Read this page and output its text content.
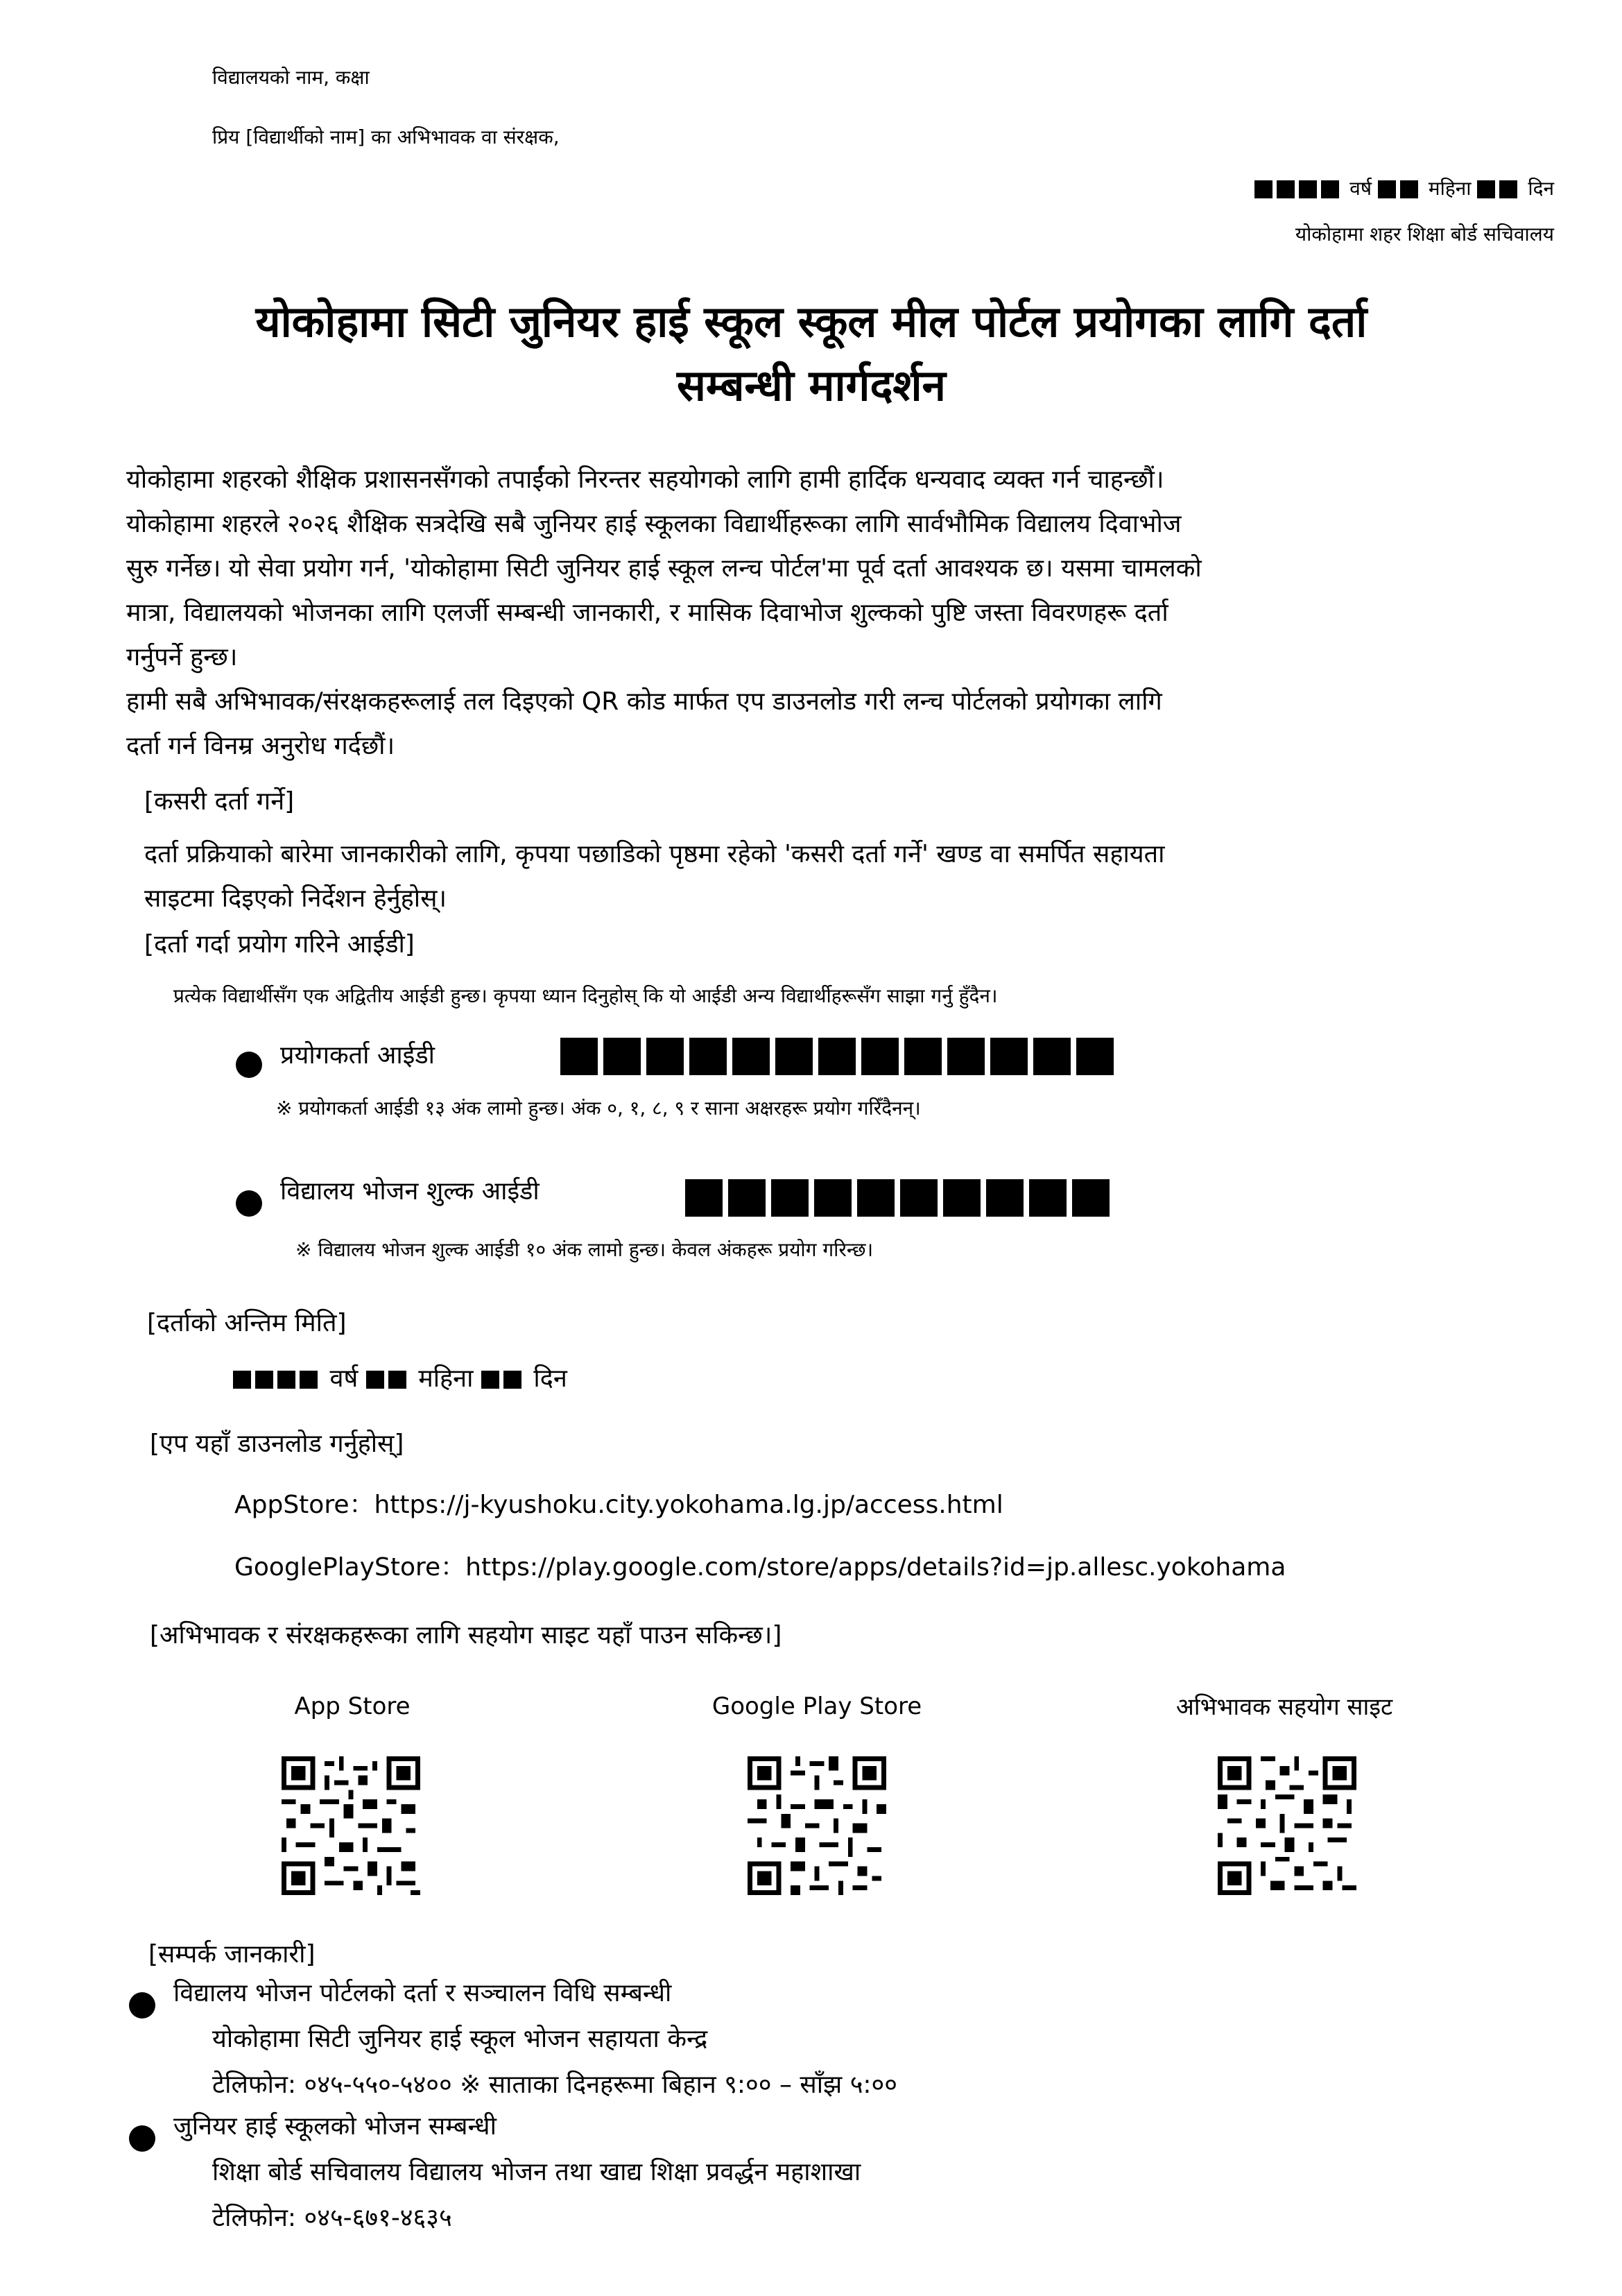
विद्यालयको नाम, कक्षा
प्रिय [विद्यार्थीको नाम] का अभिभावक वा संरक्षक,
वर्ष	महिना	दिन
योकोहामा शहर शिक्षा बोर्ड सचिवालय
योकोहामा सिटी जुनियर हाई स्कूल स्कूल मील पोर्टल प्रयोगका लागि दर्ता
सम्बन्धी मार्गदर्शन
योकोहामा शहरको शैक्षिक प्रशासनसँगको तपाईंको निरन्तर सहयोगको लागि हामी हार्दिक धन्यवाद व्यक्त गर्न चाहन्छौं।
योकोहामा शहरले २०२६ शैक्षिक सत्रदेखि सबै जुनियर हाई स्कूलका विद्यार्थीहरूका लागि सार्वभौमिक विद्यालय दिवाभोज
सुरु गर्नेछ। यो सेवा प्रयोग गर्न, 'योकोहामा सिटी जुनियर हाई स्कूल लन्च पोर्टल'मा पूर्व दर्ता आवश्यक छ। यसमा चामलको
मात्रा, विद्यालयको भोजनका लागि एलर्जी सम्बन्धी जानकारी, र मासिक दिवाभोज शुल्कको पुष्टि जस्ता विवरणहरू दर्ता
गर्नुपर्ने हुन्छ।
हामी सबै अभिभावक/संरक्षकहरूलाई तल दिइएको QR कोड मार्फत एप डाउनलोड गरी लन्च पोर्टलको प्रयोगका लागि
दर्ता गर्न विनम्र अनुरोध गर्दछौं।
[कसरी दर्ता गर्ने]
दर्ता प्रक्रियाको बारेमा जानकारीको लागि, कृपया पछाडिको पृष्ठमा रहेको 'कसरी दर्ता गर्ने' खण्ड वा समर्पित सहायता
साइटमा दिइएको निर्देशन हेर्नुहोस्।
[दर्ता गर्दा प्रयोग गरिने आईडी]
प्रत्येक विद्यार्थीसँग एक अद्वितीय आईडी हुन्छ। कृपया ध्यान दिनुहोस् कि यो आईडी अन्य विद्यार्थीहरूसँग साझा गर्नु हुँदैन।
प्रयोगकर्ता आईडी
※ प्रयोगकर्ता आईडी १३ अंक लामो हुन्छ। अंक ०, १, ८, ९ र साना अक्षरहरू प्रयोग गरिँदैनन्।
विद्यालय भोजन शुल्क आईडी
※ विद्यालय भोजन शुल्क आईडी १० अंक लामो हुन्छ। केवल अंकहरू प्रयोग गरिन्छ।
[दर्ताको अन्तिम मिति]
वर्ष महिना दिन
[एप यहाँ डाउनलोड गर्नुहोस्]
AppStore：https://j-kyushoku.city.yokohama.lg.jp/access.html
GooglePlayStore：https://play.google.com/store/apps/details?id=jp.allesc.yokohama
[अभिभावक र संरक्षकहरूका लागि सहयोग साइट यहाँ पाउन सकिन्छ।]
App Store	Google Play Store	अभिभावक सहयोग साइट
[सम्पर्क जानकारी]
विद्यालय भोजन पोर्टलको दर्ता र सञ्चालन विधि सम्बन्धी
योकोहामा सिटी जुनियर हाई स्कूल भोजन सहायता केन्द्र
टेलिफोन: ०४५-५५०-५४०० ※ साताका दिनहरूमा बिहान ९:०० – साँझ ५:००
जुनियर हाई स्कूलको भोजन सम्बन्धी
शिक्षा बोर्ड सचिवालय विद्यालय भोजन तथा खाद्य शिक्षा प्रवर्द्धन महाशाखा
टेलिफोन: ०४५-६७१-४६३५
